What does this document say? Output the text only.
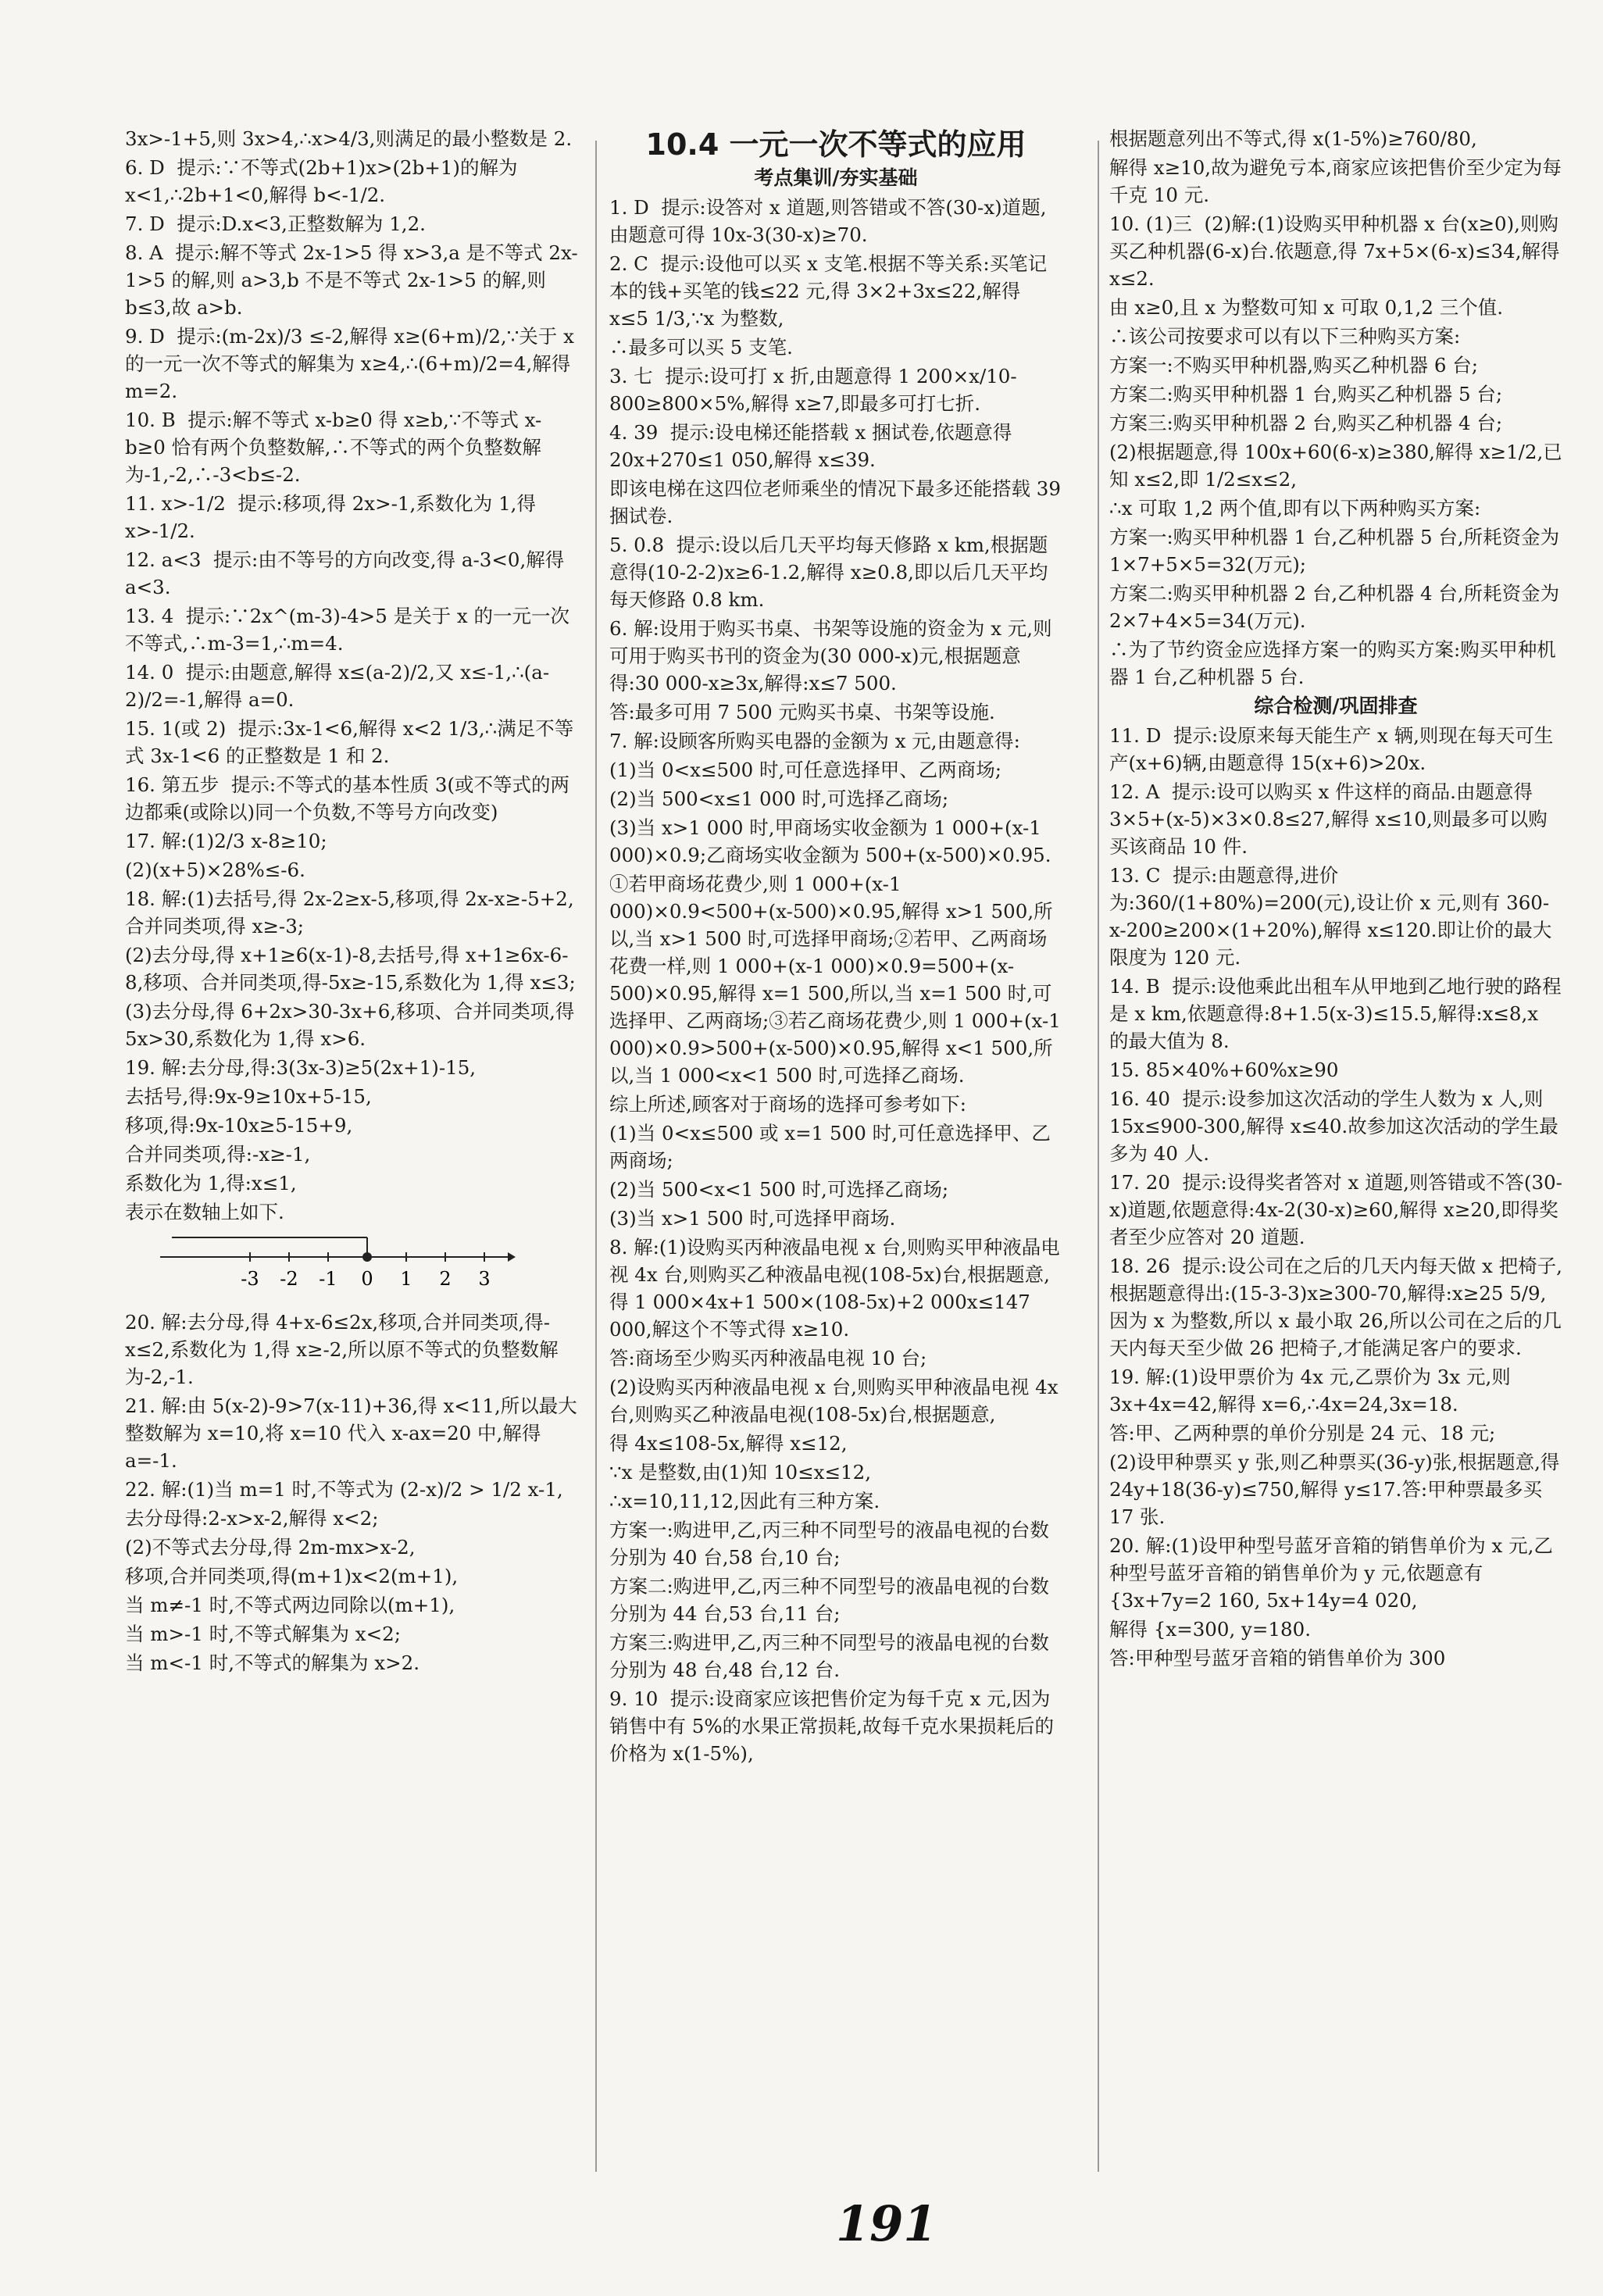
3x>-1+5,则 3x>4,∴x>4/3,则满足的最小整数是 2.

6. D  提示:∵不等式(2b+1)x>(2b+1)的解为 x<1,∴2b+1<0,解得 b<-1/2.

7. D  提示:D.x<3,正整数解为 1,2.

8. A  提示:解不等式 2x-1>5 得 x>3,a 是不等式 2x-1>5 的解,则 a>3,b 不是不等式 2x-1>5 的解,则 b≤3,故 a>b.

9. D  提示:(m-2x)/3 ≤-2,解得 x≥(6+m)/2,∵关于 x 的一元一次不等式的解集为 x≥4,∴(6+m)/2=4,解得 m=2.

10. B  提示:解不等式 x-b≥0 得 x≥b,∵不等式 x-b≥0 恰有两个负整数解,∴不等式的两个负整数解为-1,-2,∴-3<b≤-2.

11. x>-1/2  提示:移项,得 2x>-1,系数化为 1,得 x>-1/2.

12. a<3  提示:由不等号的方向改变,得 a-3<0,解得 a<3.

13. 4  提示:∵2x^(m-3)-4>5 是关于 x 的一元一次不等式,∴m-3=1,∴m=4.

14. 0  提示:由题意,解得 x≤(a-2)/2,又 x≤-1,∴(a-2)/2=-1,解得 a=0.

15. 1(或 2)  提示:3x-1<6,解得 x<2 1/3,∴满足不等式 3x-1<6 的正整数是 1 和 2.

16. 第五步  提示:不等式的基本性质 3(或不等式的两边都乘(或除以)同一个负数,不等号方向改变)

17. 解:(1)2/3 x-8≥10;

(2)(x+5)×28%≤-6.

18. 解:(1)去括号,得 2x-2≥x-5,移项,得 2x-x≥-5+2,合并同类项,得 x≥-3;

(2)去分母,得 x+1≥6(x-1)-8,去括号,得 x+1≥6x-6-8,移项、合并同类项,得-5x≥-15,系数化为 1,得 x≤3;

(3)去分母,得 6+2x>30-3x+6,移项、合并同类项,得 5x>30,系数化为 1,得 x>6.

19. 解:去分母,得:3(3x-3)≥5(2x+1)-15,

去括号,得:9x-9≥10x+5-15,

移项,得:9x-10x≥5-15+9,

合并同类项,得:-x≥-1,

系数化为 1,得:x≤1,

表示在数轴上如下.

-3 -2 -1 0 1 2 3

20. 解:去分母,得 4+x-6≤2x,移项,合并同类项,得-x≤2,系数化为 1,得 x≥-2,所以原不等式的负整数解为-2,-1.

21. 解:由 5(x-2)-9>7(x-11)+36,得 x<11,所以最大整数解为 x=10,将 x=10 代入 x-ax=20 中,解得 a=-1.

22. 解:(1)当 m=1 时,不等式为 (2-x)/2 > 1/2 x-1,

去分母得:2-x>x-2,解得 x<2;

(2)不等式去分母,得 2m-mx>x-2,

移项,合并同类项,得(m+1)x<2(m+1),

当 m≠-1 时,不等式两边同除以(m+1),

当 m>-1 时,不等式解集为 x<2;

当 m<-1 时,不等式的解集为 x>2.

10.4 一元一次不等式的应用
考点集训/夯实基础

1. D  提示:设答对 x 道题,则答错或不答(30-x)道题,由题意可得 10x-3(30-x)≥70.

2. C  提示:设他可以买 x 支笔.根据不等关系:买笔记本的钱+买笔的钱≤22 元,得 3×2+3x≤22,解得 x≤5 1/3,∵x 为整数,

∴最多可以买 5 支笔.

3. 七  提示:设可打 x 折,由题意得 1 200×x/10-800≥800×5%,解得 x≥7,即最多可打七折.

4. 39  提示:设电梯还能搭载 x 捆试卷,依题意得 20x+270≤1 050,解得 x≤39.

即该电梯在这四位老师乘坐的情况下最多还能搭载 39 捆试卷.

5. 0.8  提示:设以后几天平均每天修路 x km,根据题意得(10-2-2)x≥6-1.2,解得 x≥0.8,即以后几天平均每天修路 0.8 km.

6. 解:设用于购买书桌、书架等设施的资金为 x 元,则可用于购买书刊的资金为(30 000-x)元,根据题意得:30 000-x≥3x,解得:x≤7 500.

答:最多可用 7 500 元购买书桌、书架等设施.

7. 解:设顾客所购买电器的金额为 x 元,由题意得:

(1)当 0<x≤500 时,可任意选择甲、乙两商场;

(2)当 500<x≤1 000 时,可选择乙商场;

(3)当 x>1 000 时,甲商场实收金额为 1 000+(x-1 000)×0.9;乙商场实收金额为 500+(x-500)×0.95.

①若甲商场花费少,则 1 000+(x-1 000)×0.9<500+(x-500)×0.95,解得 x>1 500,所以,当 x>1 500 时,可选择甲商场;②若甲、乙两商场花费一样,则 1 000+(x-1 000)×0.9=500+(x-500)×0.95,解得 x=1 500,所以,当 x=1 500 时,可选择甲、乙两商场;③若乙商场花费少,则 1 000+(x-1 000)×0.9>500+(x-500)×0.95,解得 x<1 500,所以,当 1 000<x<1 500 时,可选择乙商场.

综上所述,顾客对于商场的选择可参考如下:

(1)当 0<x≤500 或 x=1 500 时,可任意选择甲、乙两商场;

(2)当 500<x<1 500 时,可选择乙商场;

(3)当 x>1 500 时,可选择甲商场.

8. 解:(1)设购买丙种液晶电视 x 台,则购买甲种液晶电视 4x 台,则购买乙种液晶电视(108-5x)台,根据题意,得 1 000×4x+1 500×(108-5x)+2 000x≤147 000,解这个不等式得 x≥10.

答:商场至少购买丙种液晶电视 10 台;

(2)设购买丙种液晶电视 x 台,则购买甲种液晶电视 4x 台,则购买乙种液晶电视(108-5x)台,根据题意,

得 4x≤108-5x,解得 x≤12,

∵x 是整数,由(1)知 10≤x≤12,

∴x=10,11,12,因此有三种方案.

方案一:购进甲,乙,丙三种不同型号的液晶电视的台数分别为 40 台,58 台,10 台;

方案二:购进甲,乙,丙三种不同型号的液晶电视的台数分别为 44 台,53 台,11 台;

方案三:购进甲,乙,丙三种不同型号的液晶电视的台数分别为 48 台,48 台,12 台.

9. 10  提示:设商家应该把售价定为每千克 x 元,因为销售中有 5%的水果正常损耗,故每千克水果损耗后的价格为 x(1-5%),

根据题意列出不等式,得 x(1-5%)≥760/80,

解得 x≥10,故为避免亏本,商家应该把售价至少定为每千克 10 元.

10. (1)三  (2)解:(1)设购买甲种机器 x 台(x≥0),则购买乙种机器(6-x)台.依题意,得 7x+5×(6-x)≤34,解得 x≤2.

由 x≥0,且 x 为整数可知 x 可取 0,1,2 三个值.

∴该公司按要求可以有以下三种购买方案:

方案一:不购买甲种机器,购买乙种机器 6 台;

方案二:购买甲种机器 1 台,购买乙种机器 5 台;

方案三:购买甲种机器 2 台,购买乙种机器 4 台;

(2)根据题意,得 100x+60(6-x)≥380,解得 x≥1/2,已知 x≤2,即 1/2≤x≤2,

∴x 可取 1,2 两个值,即有以下两种购买方案:

方案一:购买甲种机器 1 台,乙种机器 5 台,所耗资金为 1×7+5×5=32(万元);

方案二:购买甲种机器 2 台,乙种机器 4 台,所耗资金为 2×7+4×5=34(万元).

∴为了节约资金应选择方案一的购买方案:购买甲种机器 1 台,乙种机器 5 台.

综合检测/巩固排查

11. D  提示:设原来每天能生产 x 辆,则现在每天可生产(x+6)辆,由题意得 15(x+6)>20x.

12. A  提示:设可以购买 x 件这样的商品.由题意得 3×5+(x-5)×3×0.8≤27,解得 x≤10,则最多可以购买该商品 10 件.

13. C  提示:由题意得,进价为:360/(1+80%)=200(元),设让价 x 元,则有 360-x-200≥200×(1+20%),解得 x≤120.即让价的最大限度为 120 元.

14. B  提示:设他乘此出租车从甲地到乙地行驶的路程是 x km,依题意得:8+1.5(x-3)≤15.5,解得:x≤8,x 的最大值为 8.

15. 85×40%+60%x≥90

16. 40  提示:设参加这次活动的学生人数为 x 人,则 15x≤900-300,解得 x≤40.故参加这次活动的学生最多为 40 人.

17. 20  提示:设得奖者答对 x 道题,则答错或不答(30-x)道题,依题意得:4x-2(30-x)≥60,解得 x≥20,即得奖者至少应答对 20 道题.

18. 26  提示:设公司在之后的几天内每天做 x 把椅子,根据题意得出:(15-3-3)x≥300-70,解得:x≥25 5/9,因为 x 为整数,所以 x 最小取 26,所以公司在之后的几天内每天至少做 26 把椅子,才能满足客户的要求.

19. 解:(1)设甲票价为 4x 元,乙票价为 3x 元,则 3x+4x=42,解得 x=6,∴4x=24,3x=18.

答:甲、乙两种票的单价分别是 24 元、18 元;

(2)设甲种票买 y 张,则乙种票买(36-y)张,根据题意,得 24y+18(36-y)≤750,解得 y≤17.答:甲种票最多买 17 张.

20. 解:(1)设甲种型号蓝牙音箱的销售单价为 x 元,乙种型号蓝牙音箱的销售单价为 y 元,依题意有 {3x+7y=2 160, 5x+14y=4 020,

解得 {x=300, y=180.

答:甲种型号蓝牙音箱的销售单价为 300

191
